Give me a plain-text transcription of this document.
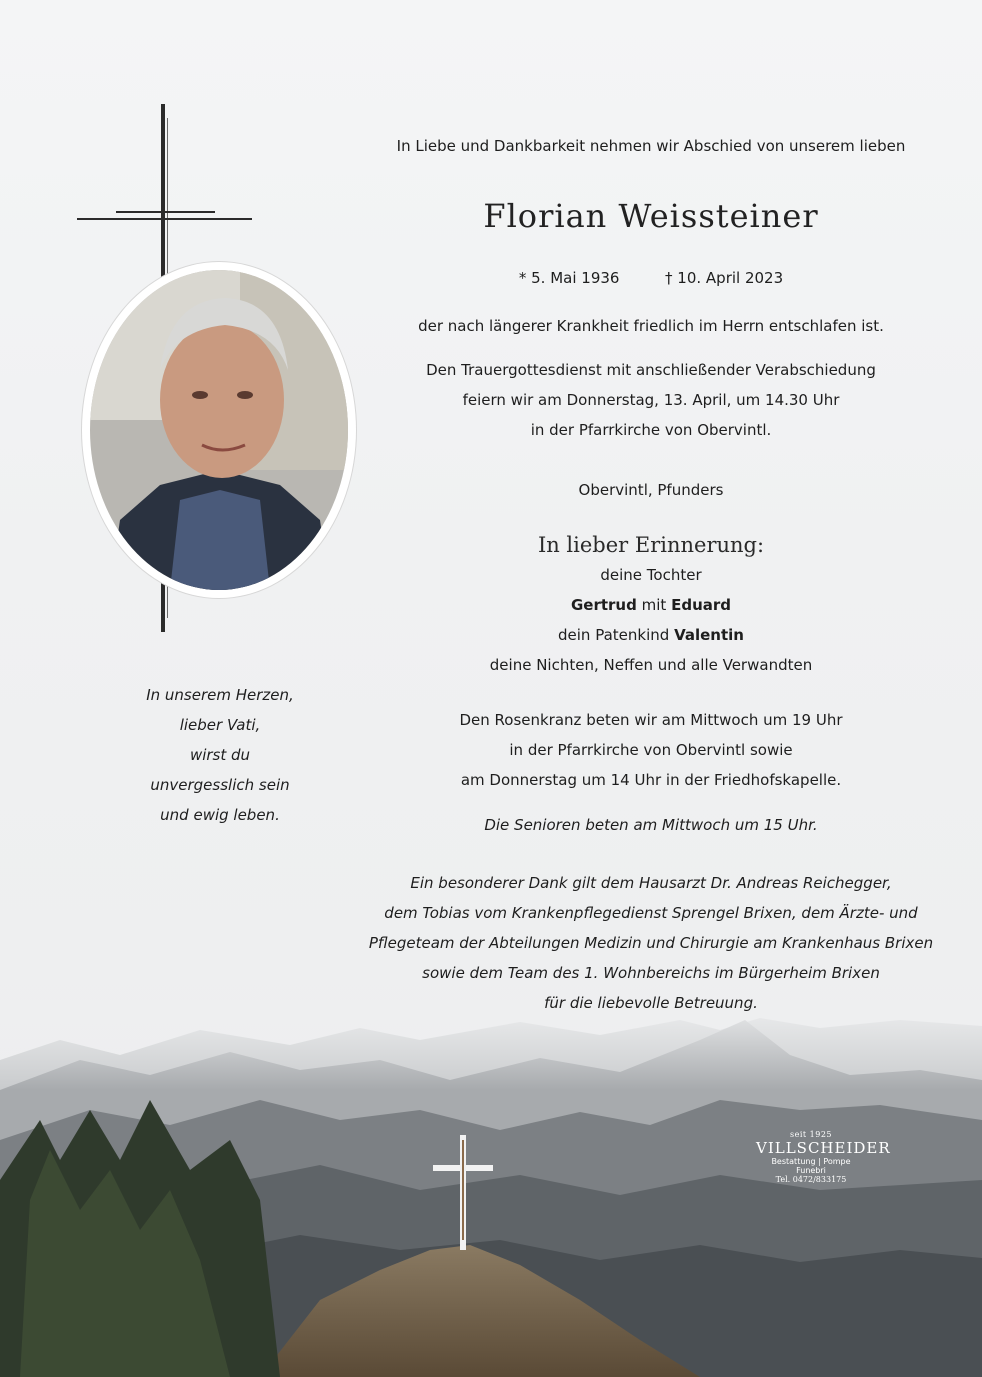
In unserem Herzen,
lieber Vati,
wirst du
unvergesslich sein
und ewig leben.

In Liebe und Dankbarkeit nehmen wir Abschied von unserem lieben

Florian Weissteiner

* 5. Mai 1936	† 10. April 2023

der nach längerer Krankheit friedlich im Herrn entschlafen ist.

Den Trauergottesdienst mit anschließender Verabschiedung

feiern wir am Donnerstag, 13. April, um 14.30 Uhr

in der Pfarrkirche von Obervintl.

Obervintl, Pfunders

In lieber Erinnerung:

deine Tochter

Gertrud mit Eduard

dein Patenkind Valentin

deine Nichten, Neffen und alle Verwandten

Den Rosenkranz beten wir am Mittwoch um 19 Uhr

in der Pfarrkirche von Obervintl sowie

am Donnerstag um 14 Uhr in der Friedhofskapelle.

Die Senioren beten am Mittwoch um 15 Uhr.

Ein besonderer Dank gilt dem Hausarzt Dr. Andreas Reichegger,

dem Tobias vom Krankenpflegedienst Sprengel Brixen, dem Ärzte- und

Pflegeteam der Abteilungen Medizin und Chirurgie am Krankenhaus Brixen

sowie dem Team des 1. Wohnbereichs im Bürgerheim Brixen

für die liebevolle Betreuung.

seit 1925
VILLSCHEIDER
Bestattung | Pompe Funebri
Tel. 0472/833175
